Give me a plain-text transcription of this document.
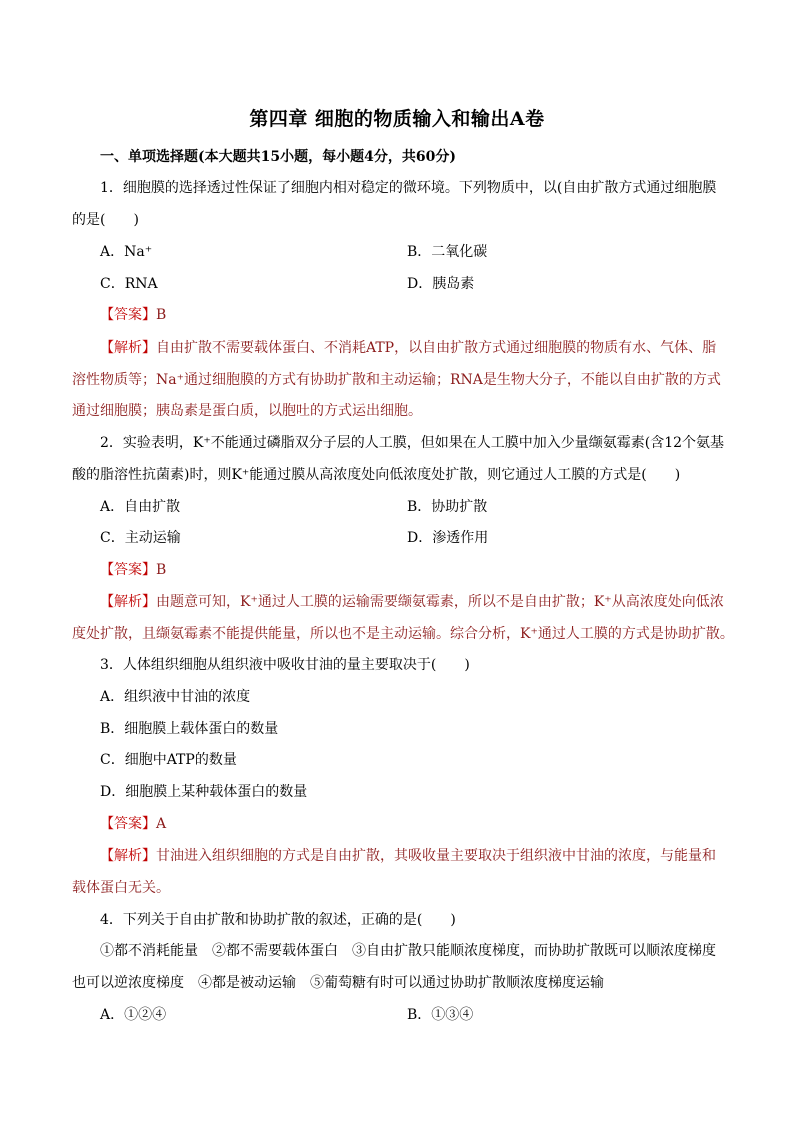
第四章 细胞的物质输入和输出A卷
一、单项选择题(本大题共15小题，每小题4分，共60分)
1．细胞膜的选择透过性保证了细胞内相对稳定的微环境。下列物质中，以(自由扩散方式通过细胞膜
的是(　　)
A．Na⁺	B．二氧化碳
C．RNA	D．胰岛素
【答案】B
【解析】自由扩散不需要载体蛋白、不消耗ATP，以自由扩散方式通过细胞膜的物质有水、气体、脂
溶性物质等；Na⁺通过细胞膜的方式有协助扩散和主动运输；RNA是生物大分子，不能以自由扩散的方式
通过细胞膜；胰岛素是蛋白质，以胞吐的方式运出细胞。
2．实验表明，K⁺不能通过磷脂双分子层的人工膜，但如果在人工膜中加入少量缬氨霉素(含12个氨基
酸的脂溶性抗菌素)时，则K⁺能通过膜从高浓度处向低浓度处扩散，则它通过人工膜的方式是(　　)
A．自由扩散	B．协助扩散
C．主动运输	D．渗透作用
【答案】B
【解析】由题意可知，K⁺通过人工膜的运输需要缬氨霉素，所以不是自由扩散；K⁺从高浓度处向低浓
度处扩散，且缬氨霉素不能提供能量，所以也不是主动运输。综合分析，K⁺通过人工膜的方式是协助扩散。
3．人体组织细胞从组织液中吸收甘油的量主要取决于(　　)
A．组织液中甘油的浓度
B．细胞膜上载体蛋白的数量
C．细胞中ATP的数量
D．细胞膜上某种载体蛋白的数量
【答案】A
【解析】甘油进入组织细胞的方式是自由扩散，其吸收量主要取决于组织液中甘油的浓度，与能量和
载体蛋白无关。
4．下列关于自由扩散和协助扩散的叙述，正确的是(　　)
①都不消耗能量　②都不需要载体蛋白　③自由扩散只能顺浓度梯度，而协助扩散既可以顺浓度梯度
也可以逆浓度梯度　④都是被动运输　⑤葡萄糖有时可以通过协助扩散顺浓度梯度运输
A．①②④	B．①③④
